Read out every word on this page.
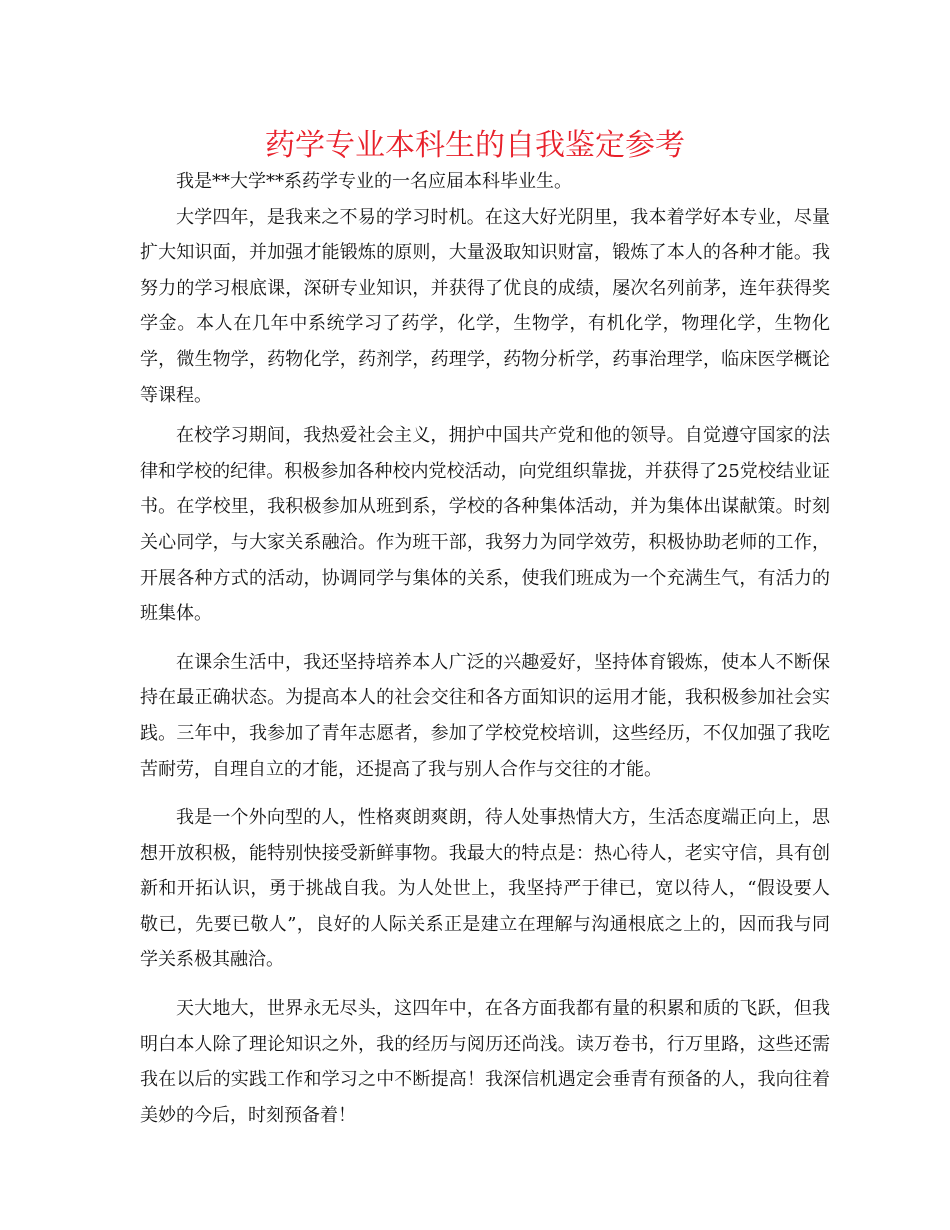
药学专业本科生的自我鉴定参考

我是**大学**系药学专业的一名应届本科毕业生。

大学四年，是我来之不易的学习时机。在这大好光阴里，我本着学好本专业，尽量扩大知识面，并加强才能锻炼的原则，大量汲取知识财富，锻炼了本人的各种才能。我努力的学习根底课，深研专业知识，并获得了优良的成绩，屡次名列前茅，连年获得奖学金。本人在几年中系统学习了药学，化学，生物学，有机化学，物理化学，生物化学，微生物学，药物化学，药剂学，药理学，药物分析学，药事治理学，临床医学概论等课程。

在校学习期间，我热爱社会主义，拥护中国共产党和他的领导。自觉遵守国家的法律和学校的纪律。积极参加各种校内党校活动，向党组织靠拢，并获得了25党校结业证书。在学校里，我积极参加从班到系，学校的各种集体活动，并为集体出谋献策。时刻关心同学，与大家关系融洽。作为班干部，我努力为同学效劳，积极协助老师的工作，开展各种方式的活动，协调同学与集体的关系，使我们班成为一个充满生气，有活力的班集体。

在课余生活中，我还坚持培养本人广泛的兴趣爱好，坚持体育锻炼，使本人不断保持在最正确状态。为提高本人的社会交往和各方面知识的运用才能，我积极参加社会实践。三年中，我参加了青年志愿者，参加了学校党校培训，这些经历，不仅加强了我吃苦耐劳，自理自立的才能，还提高了我与别人合作与交往的才能。

我是一个外向型的人，性格爽朗爽朗，待人处事热情大方，生活态度端正向上，思想开放积极，能特别快接受新鲜事物。我最大的特点是：热心待人，老实守信，具有创新和开拓认识，勇于挑战自我。为人处世上，我坚持严于律已，宽以待人，“假设要人敬已，先要已敬人”，良好的人际关系正是建立在理解与沟通根底之上的，因而我与同学关系极其融洽。

天大地大，世界永无尽头，这四年中，在各方面我都有量的积累和质的飞跃，但我明白本人除了理论知识之外，我的经历与阅历还尚浅。读万卷书，行万里路，这些还需我在以后的实践工作和学习之中不断提高！我深信机遇定会垂青有预备的人，我向往着美妙的今后，时刻预备着！
